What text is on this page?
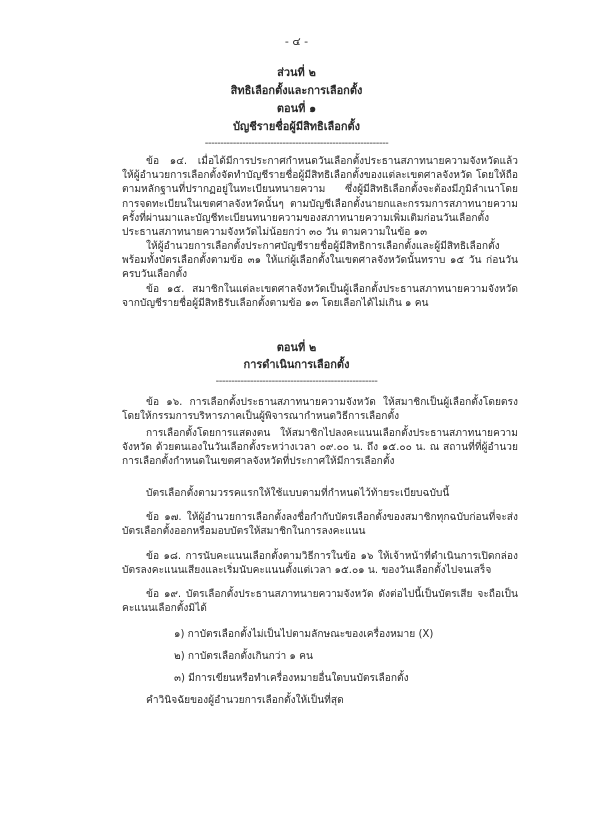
- ๔ -
ส่วนที่ ๒
สิทธิเลือกตั้งและการเลือกตั้ง
ตอนที่ ๑
บัญชีรายชื่อผู้มีสิทธิเลือกตั้ง
-----------------------------------------------------------
ข้อ ๑๔. เมื่อได้มีการประกาศกำหนดวันเลือกตั้งประธานสภาทนายความจังหวัดแล้ว ให้ผู้อำนวยการเลือกตั้งจัดทำบัญชีรายชื่อผู้มีสิทธิเลือกตั้งของแต่ละเขตศาลจังหวัด โดยให้ถือตามหลักฐานที่ปรากฏอยู่ในทะเบียนทนายความ ซึ่งผู้มีสิทธิเลือกตั้งจะต้องมีภูมิลำเนาโดยการจดทะเบียนในเขตศาลจังหวัดนั้นๆ ตามบัญชีเลือกตั้งนายกและกรรมการสภาทนายความครั้งที่ผ่านมาและบัญชีทะเบียนทนายความของสภาทนายความเพิ่มเติมก่อนวันเลือกตั้งประธานสภาทนายความจังหวัดไม่น้อยกว่า ๓๐ วัน ตามความในข้อ ๑๓
ให้ผู้อำนวยการเลือกตั้งประกาศบัญชีรายชื่อผู้มีสิทธิการเลือกตั้งและผู้มีสิทธิเลือกตั้งพร้อมทั้งบัตรเลือกตั้งตามข้อ ๓๑ ให้แก่ผู้เลือกตั้งในเขตศาลจังหวัดนั้นทราบ ๑๕ วัน ก่อนวันครบวันเลือกตั้ง
ข้อ ๑๕. สมาชิกในแต่ละเขตศาลจังหวัดเป็นผู้เลือกตั้งประธานสภาทนายความจังหวัดจากบัญชีรายชื่อผู้มีสิทธิรับเลือกตั้งตามข้อ ๑๓ โดยเลือกได้ไม่เกิน ๑ คน
ตอนที่ ๒
การดำเนินการเลือกตั้ง
----------------------------------------------------
ข้อ ๑๖. การเลือกตั้งประธานสภาทนายความจังหวัด ให้สมาชิกเป็นผู้เลือกตั้งโดยตรง โดยให้กรรมการบริหารภาคเป็นผู้พิจารณากำหนดวิธีการเลือกตั้ง
การเลือกตั้งโดยการแสดงตน ให้สมาชิกไปลงคะแนนเลือกตั้งประธานสภาทนายความจังหวัด ด้วยตนเองในวันเลือกตั้งระหว่างเวลา ๐๙.๐๐ น. ถึง ๑๕.๐๐ น. ณ สถานที่ที่ผู้อำนวยการเลือกตั้งกำหนดในเขตศาลจังหวัดที่ประกาศให้มีการเลือกตั้ง
บัตรเลือกตั้งตามวรรคแรกให้ใช้แบบตามที่กำหนดไว้ท้ายระเบียบฉบับนี้
ข้อ ๑๗. ให้ผู้อำนวยการเลือกตั้งลงชื่อกำกับบัตรเลือกตั้งของสมาชิกทุกฉบับก่อนที่จะส่งบัตรเลือกตั้งออกหรือมอบบัตรให้สมาชิกในการลงคะแนน
ข้อ ๑๘. การนับคะแนนเลือกตั้งตามวิธีการในข้อ ๑๖ ให้เจ้าหน้าที่ดำเนินการเปิดกล่องบัตรลงคะแนนเสียงและเริ่มนับคะแนนตั้งแต่เวลา ๑๕.๐๑ น. ของวันเลือกตั้งไปจนเสร็จ
ข้อ ๑๙. บัตรเลือกตั้งประธานสภาทนายความจังหวัด ดังต่อไปนี้เป็นบัตรเสีย จะถือเป็นคะแนนเลือกตั้งมิได้
๑) กาบัตรเลือกตั้งไม่เป็นไปตามลักษณะของเครื่องหมาย (X)
๒) กาบัตรเลือกตั้งเกินกว่า ๑ คน
๓) มีการเขียนหรือทำเครื่องหมายอื่นใดบนบัตรเลือกตั้ง
คำวินิจฉัยของผู้อำนวยการเลือกตั้งให้เป็นที่สุด
